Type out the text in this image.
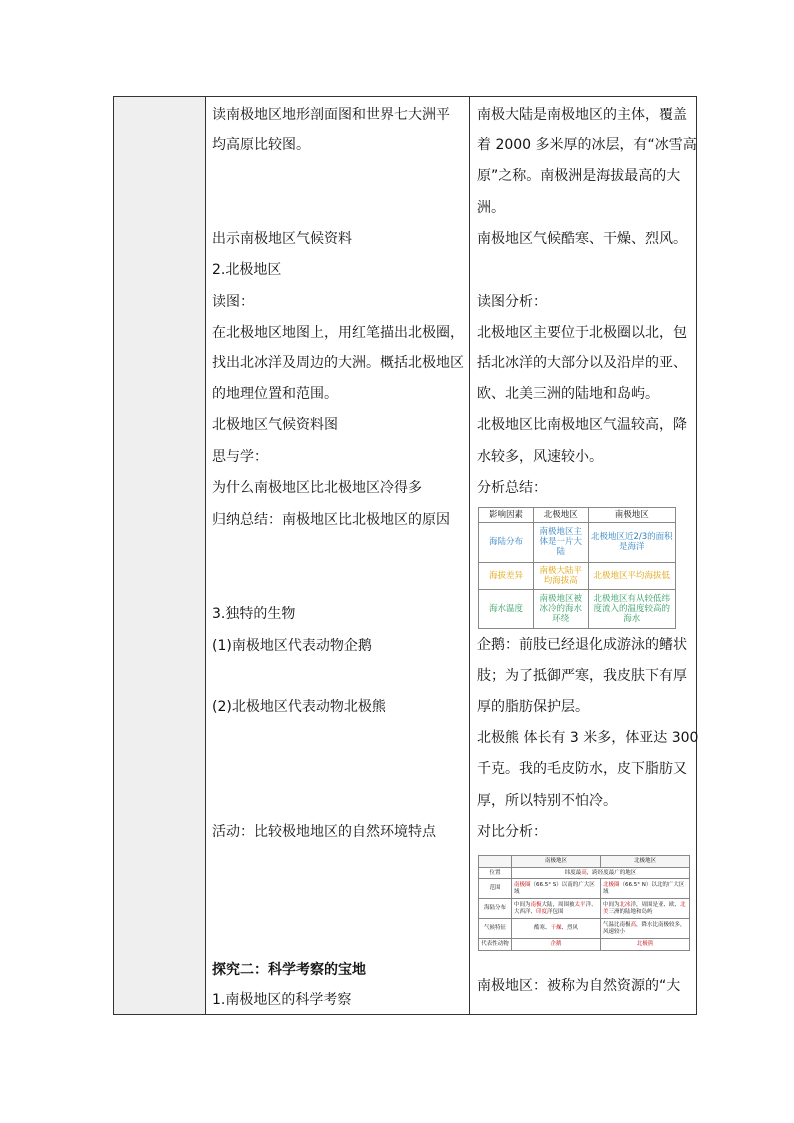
读南极地区地形剖面图和世界七大洲平
均高原比较图。
出示南极地区气候资料
2.北极地区
读图：
在北极地区地图上，用红笔描出北极圈，
找出北冰洋及周边的大洲。概括北极地区
的地理位置和范围。
北极地区气候资料图
思与学：
为什么南极地区比北极地区冷得多
归纳总结：南极地区比北极地区的原因
3.独特的生物
(1)南极地区代表动物企鹅
(2)北极地区代表动物北极熊
活动：比较极地地区的自然环境特点
探究二：科学考察的宝地
1.南极地区的科学考察
南极大陆是南极地区的主体，覆盖
着 2000 多米厚的冰层，有“冰雪高
原”之称。南极洲是海拔最高的大
洲。
南极地区气候酷寒、干燥、烈风。
读图分析：
北极地区主要位于北极圈以北，包
括北冰洋的大部分以及沿岸的亚、
欧、北美三洲的陆地和岛屿。
北极地区比南极地区气温较高，降
水较多，风速较小。
分析总结：
影响因素	北极地区	南极地区
海陆分布	南极地区主体是一片大陆	北极地区近2/3的面积是海洋
海拔差异	南极大陆平均海拔高	北极地区平均海拔低
海水温度	南极地区被冰冷的海水环绕	北极地区有从较低纬度流入的温度较高的海水
企鹅：前肢已经退化成游泳的鳍状
肢；为了抵御严寒，我皮肤下有厚
厚的脂肪保护层。
北极熊 体长有 3 米多，体亚达 300
千克。我的毛皮防水，皮下脂肪又
厚，所以特别不怕冷。
对比分析：
	南极地区	北极地区
位置	纬度最高，跨经度最广的地区	
范围	南极圈（66.5° S）以南的广大区域	北极圈（66.5° N）以北的广大区域
海陆分布	中间为南极大陆，周围被太平洋、大西洋、印度洋包围	中间为北冰洋，周围是亚、欧、北美三洲的陆地和岛屿
气候特征	酷寒、干燥、烈风	气温比南极高，降水比南极较多，风速较小
代表性动物	企鹅	北极熊
南极地区：被称为自然资源的“大
